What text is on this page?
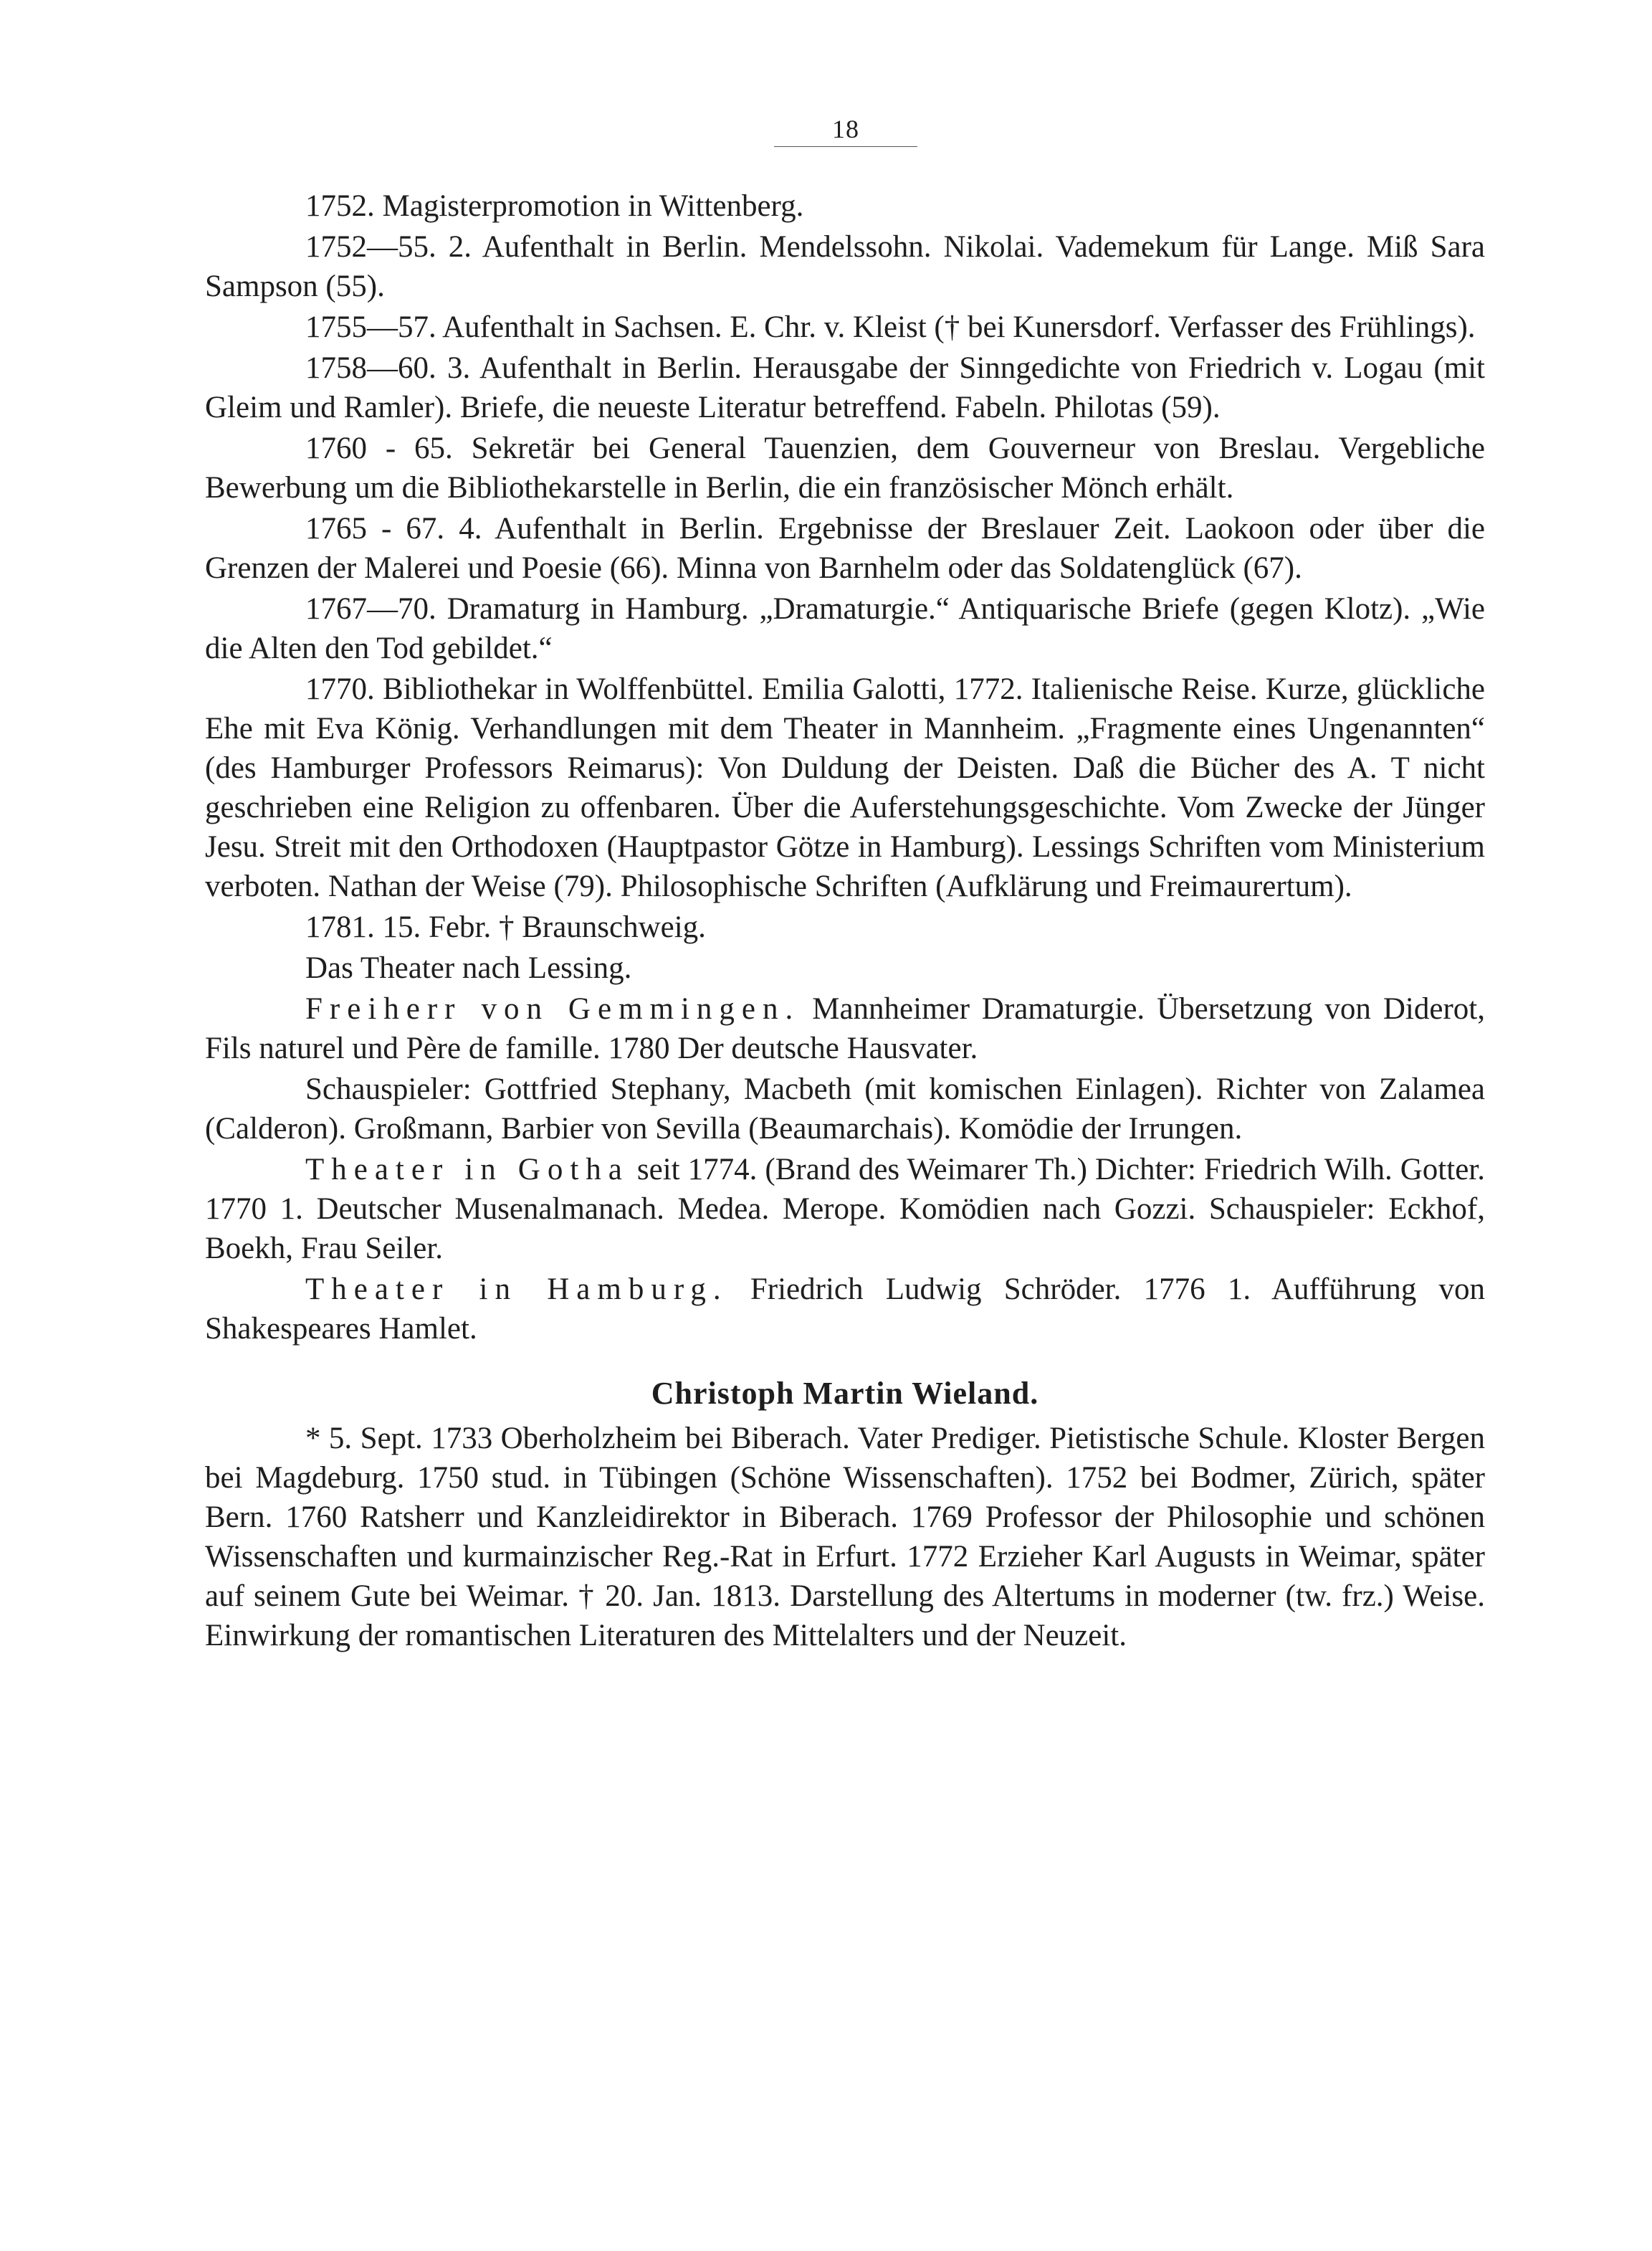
18

1752. Magisterpromotion in Wittenberg.

1752—55. 2. Aufenthalt in Berlin. Mendelssohn. Nikolai. Vademekum für Lange. Miß Sara Sampson (55).

1755—57. Aufenthalt in Sachsen. E. Chr. v. Kleist († bei Kunersdorf. Verfasser des Frühlings).

1758—60. 3. Aufenthalt in Berlin. Herausgabe der Sinngedichte von Friedrich v. Logau (mit Gleim und Ramler). Briefe, die neueste Literatur betreffend. Fabeln. Philotas (59).

1760 - 65. Sekretär bei General Tauenzien, dem Gouverneur von Breslau. Vergebliche Bewerbung um die Bibliothekarstelle in Berlin, die ein französischer Mönch erhält.

1765 - 67. 4. Aufenthalt in Berlin. Ergebnisse der Breslauer Zeit. Laokoon oder über die Grenzen der Malerei und Poesie (66). Minna von Barnhelm oder das Soldatenglück (67).

1767—70. Dramaturg in Hamburg. „Dramaturgie.“ Antiquarische Briefe (gegen Klotz). „Wie die Alten den Tod gebildet.“

1770. Bibliothekar in Wolffenbüttel. Emilia Galotti, 1772. Italienische Reise. Kurze, glückliche Ehe mit Eva König. Verhandlungen mit dem Theater in Mannheim. „Fragmente eines Ungenannten“ (des Hamburger Professors Reimarus): Von Duldung der Deisten. Daß die Bücher des A. T nicht geschrieben eine Religion zu offenbaren. Über die Auferstehungsgeschichte. Vom Zwecke der Jünger Jesu. Streit mit den Orthodoxen (Hauptpastor Götze in Hamburg). Lessings Schriften vom Ministerium verboten. Nathan der Weise (79). Philosophische Schriften (Aufklärung und Freimaurertum).

1781. 15. Febr. † Braunschweig.

Das Theater nach Lessing.

Freiherr von Gemmingen. Mannheimer Dramaturgie. Übersetzung von Diderot, Fils naturel und Père de famille. 1780 Der deutsche Hausvater.

Schauspieler: Gottfried Stephany, Macbeth (mit komischen Einlagen). Richter von Zalamea (Calderon). Großmann, Barbier von Sevilla (Beaumarchais). Komödie der Irrungen.

Theater in Gotha seit 1774. (Brand des Weimarer Th.) Dichter: Friedrich Wilh. Gotter. 1770 1. Deutscher Musenalmanach. Medea. Merope. Komödien nach Gozzi. Schauspieler: Eckhof, Boekh, Frau Seiler.

Theater in Hamburg. Friedrich Ludwig Schröder. 1776 1. Aufführung von Shakespeares Hamlet.

Christoph Martin Wieland.

* 5. Sept. 1733 Oberholzheim bei Biberach. Vater Prediger. Pietistische Schule. Kloster Bergen bei Magdeburg. 1750 stud. in Tübingen (Schöne Wissenschaften). 1752 bei Bodmer, Zürich, später Bern. 1760 Ratsherr und Kanzleidirektor in Biberach. 1769 Professor der Philosophie und schönen Wissenschaften und kurmainzischer Reg.-Rat in Erfurt. 1772 Erzieher Karl Augusts in Weimar, später auf seinem Gute bei Weimar. † 20. Jan. 1813. Darstellung des Altertums in moderner (tw. frz.) Weise. Einwirkung der romantischen Literaturen des Mittelalters und der Neuzeit.
